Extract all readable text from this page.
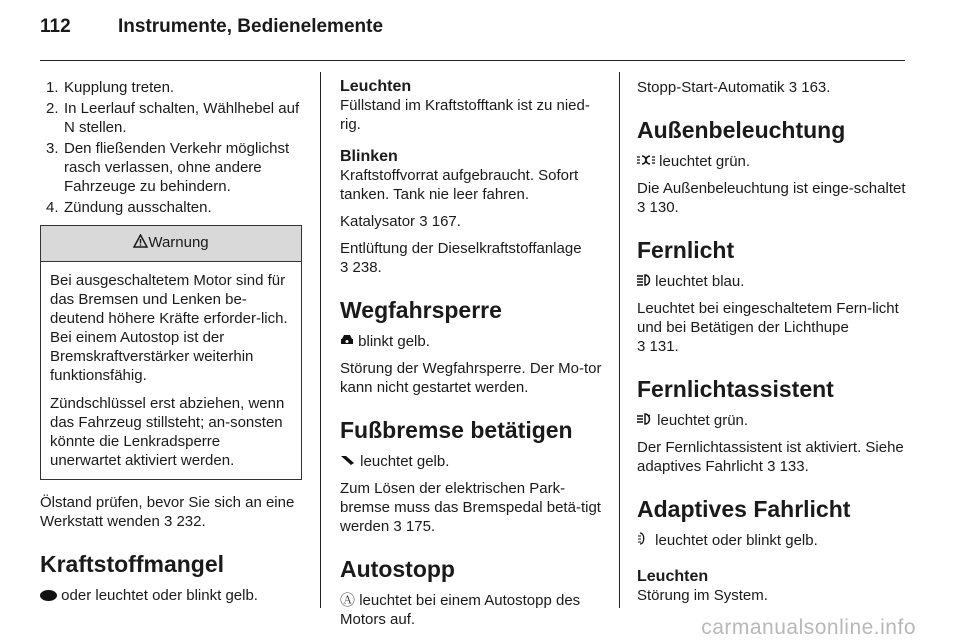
112	Instrumente, Bedienelemente
1. Kupplung treten.
2. In Leerlauf schalten, Wählhebel auf N stellen.
3. Den fließenden Verkehr möglichst rasch verlassen, ohne andere Fahrzeuge zu behindern.
4. Zündung ausschalten.
Warnung

Bei ausgeschaltetem Motor sind für das Bremsen und Lenken be-deutend höhere Kräfte erforder-lich. Bei einem Autostop ist der Bremskraftverstärker weiterhin funktionsfähig.

Zündschlüssel erst abziehen, wenn das Fahrzeug stillsteht; an-sonsten könnte die Lenkradsperre unerwartet aktiviert werden.

Ölstand prüfen, bevor Sie sich an eine Werkstatt wenden 3 232.

Kraftstoffmangel

oder leuchtet oder blinkt gelb.

Leuchten

Füllstand im Kraftstofftank ist zu nied-rig.

Blinken

Kraftstoffvorrat aufgebraucht. Sofort tanken. Tank nie leer fahren.

Katalysator 3 167.

Entlüftung der Dieselkraftstoffanlage
3 238.

Wegfahrsperre

blinkt gelb.

Störung der Wegfahrsperre. Der Mo-tor kann nicht gestartet werden.

Fußbremse betätigen

leuchtet gelb.

Zum Lösen der elektrischen Park-bremse muss das Bremspedal betä-tigt werden 3 175.

Autostopp

Ⓐ leuchtet bei einem Autostopp des Motors auf.

Stopp-Start-Automatik 3 163.

Außenbeleuchtung

leuchtet grün.

Die Außenbeleuchtung ist einge-schaltet 3 130.

Fernlicht

leuchtet blau.

Leuchtet bei eingeschaltetem Fern-licht und bei Betätigen der Lichthupe
3 131.

Fernlichtassistent

leuchtet grün.

Der Fernlichtassistent ist aktiviert. Siehe adaptives Fahrlicht 3 133.

Adaptives Fahrlicht

leuchtet oder blinkt gelb.

Leuchten

Störung im System.

carmanualsonline.info
